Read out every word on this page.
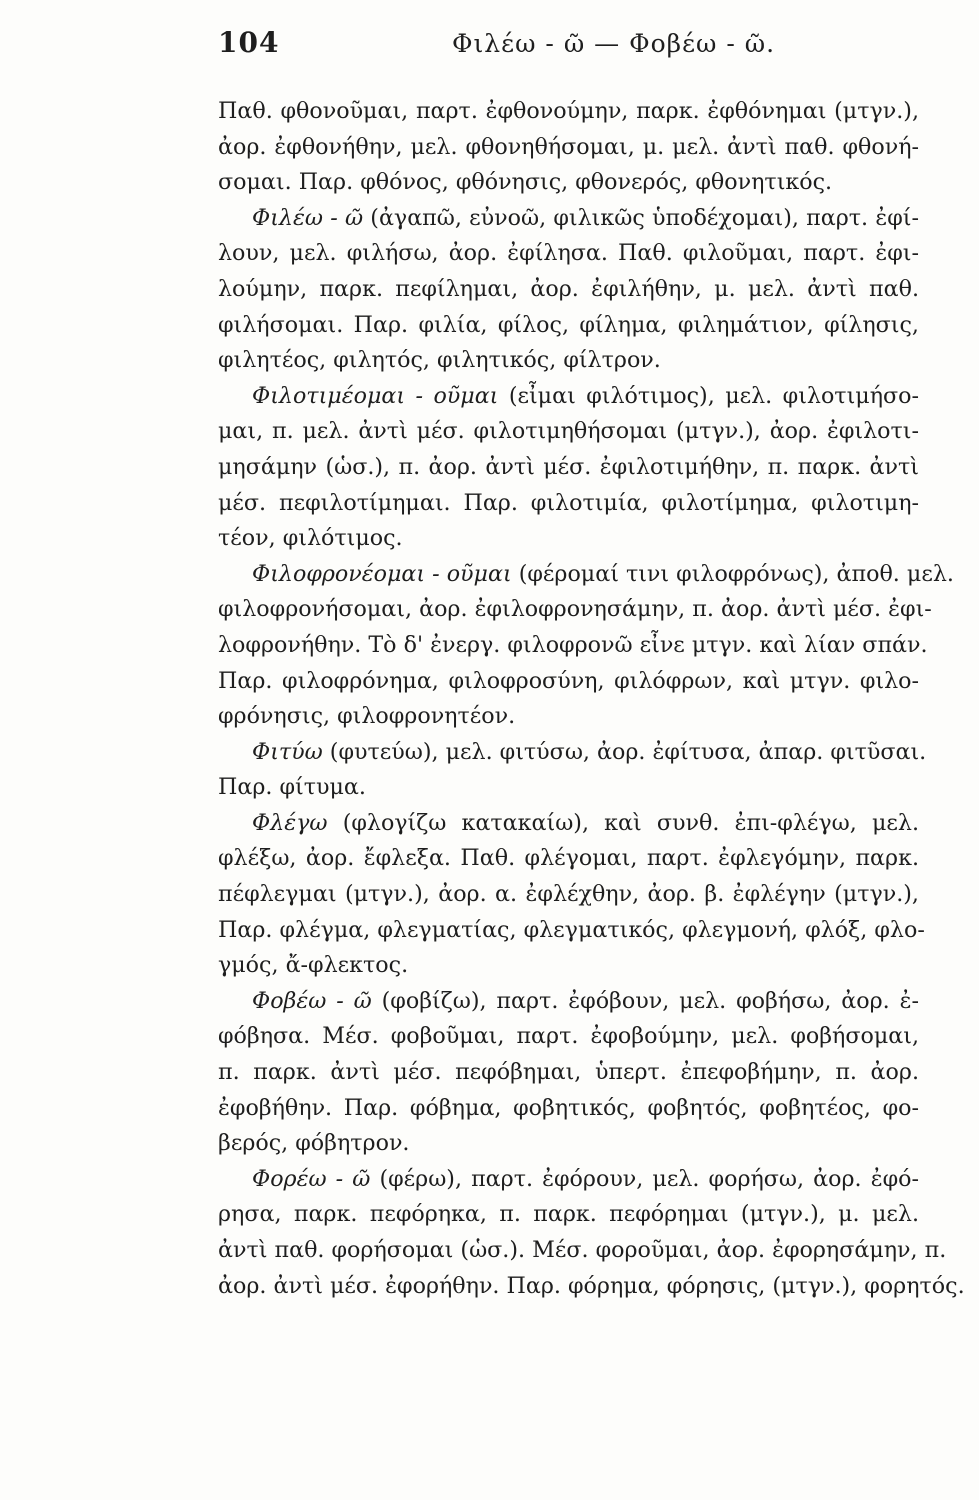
104	Φιλέω - ῶ — Φοβέω - ῶ.
Παθ. φθονοῦμαι, παρτ. ἐφθονούμην, παρκ. ἐφθόνημαι (μτγν.),
ἀορ. ἐφθονήθην, μελ. φθονηθήσομαι, μ. μελ. ἀντὶ παθ. φθονή-
σομαι. Παρ. φθόνος, φθόνησις, φθονερός, φθονητικός.
Φιλέω - ῶ (ἀγαπῶ, εὐνοῶ, φιλικῶς ὑποδέχομαι), παρτ. ἐφί-
λουν, μελ. φιλήσω, ἀορ. ἐφίλησα. Παθ. φιλοῦμαι, παρτ. ἐφι-
λούμην, παρκ. πεφίλημαι, ἀορ. ἐφιλήθην, μ. μελ. ἀντὶ παθ.
φιλήσομαι. Παρ. φιλία, φίλος, φίλημα, φιλημάτιον, φίλησις,
φιλητέος, φιλητός, φιλητικός, φίλτρον.
Φιλοτιμέομαι - οῦμαι (εἶμαι φιλότιμος), μελ. φιλοτιμήσο-
μαι, π. μελ. ἀντὶ μέσ. φιλοτιμηθήσομαι (μτγν.), ἀορ. ἐφιλοτι-
μησάμην (ὡσ.), π. ἀορ. ἀντὶ μέσ. ἐφιλοτιμήθην, π. παρκ. ἀντὶ
μέσ. πεφιλοτίμημαι. Παρ. φιλοτιμία, φιλοτίμημα, φιλοτιμη-
τέον, φιλότιμος.
Φιλοφρονέομαι - οῦμαι (φέρομαί τινι φιλοφρόνως), ἀποθ. μελ.
φιλοφρονήσομαι, ἀορ. ἐφιλοφρονησάμην, π. ἀορ. ἀντὶ μέσ. ἐφι-
λοφρονήθην. Τὸ δ' ἐνεργ. φιλοφρονῶ εἶνε μτγν. καὶ λίαν σπάν.
Παρ. φιλοφρόνημα, φιλοφροσύνη, φιλόφρων, καὶ μτγν. φιλο-
φρόνησις, φιλοφρονητέον.
Φιτύω (φυτεύω), μελ. φιτύσω, ἀορ. ἐφίτυσα, ἀπαρ. φιτῦσαι.
Παρ. φίτυμα.
Φλέγω (φλογίζω κατακαίω), καὶ συνθ. ἐπι-φλέγω, μελ.
φλέξω, ἀορ. ἔφλεξα. Παθ. φλέγομαι, παρτ. ἐφλεγόμην, παρκ.
πέφλεγμαι (μτγν.), ἀορ. α. ἐφλέχθην, ἀορ. β. ἐφλέγην (μτγν.),
Παρ. φλέγμα, φλεγματίας, φλεγματικός, φλεγμονή, φλόξ, φλο-
γμός, ἄ-φλεκτος.
Φοβέω - ῶ (φοβίζω), παρτ. ἐφόβουν, μελ. φοβήσω, ἀορ. ἐ-
φόβησα. Μέσ. φοβοῦμαι, παρτ. ἐφοβούμην, μελ. φοβήσομαι,
π. παρκ. ἀντὶ μέσ. πεφόβημαι, ὑπερτ. ἐπεφοβήμην, π. ἀορ.
ἐφοβήθην. Παρ. φόβημα, φοβητικός, φοβητός, φοβητέος, φο-
βερός, φόβητρον.
Φορέω - ῶ (φέρω), παρτ. ἐφόρουν, μελ. φορήσω, ἀορ. ἐφό-
ρησα, παρκ. πεφόρηκα, π. παρκ. πεφόρημαι (μτγν.), μ. μελ.
ἀντὶ παθ. φορήσομαι (ὡσ.). Μέσ. φοροῦμαι, ἀορ. ἐφορησάμην, π.
ἀορ. ἀντὶ μέσ. ἐφορήθην. Παρ. φόρημα, φόρησις, (μτγν.), φορητός.
